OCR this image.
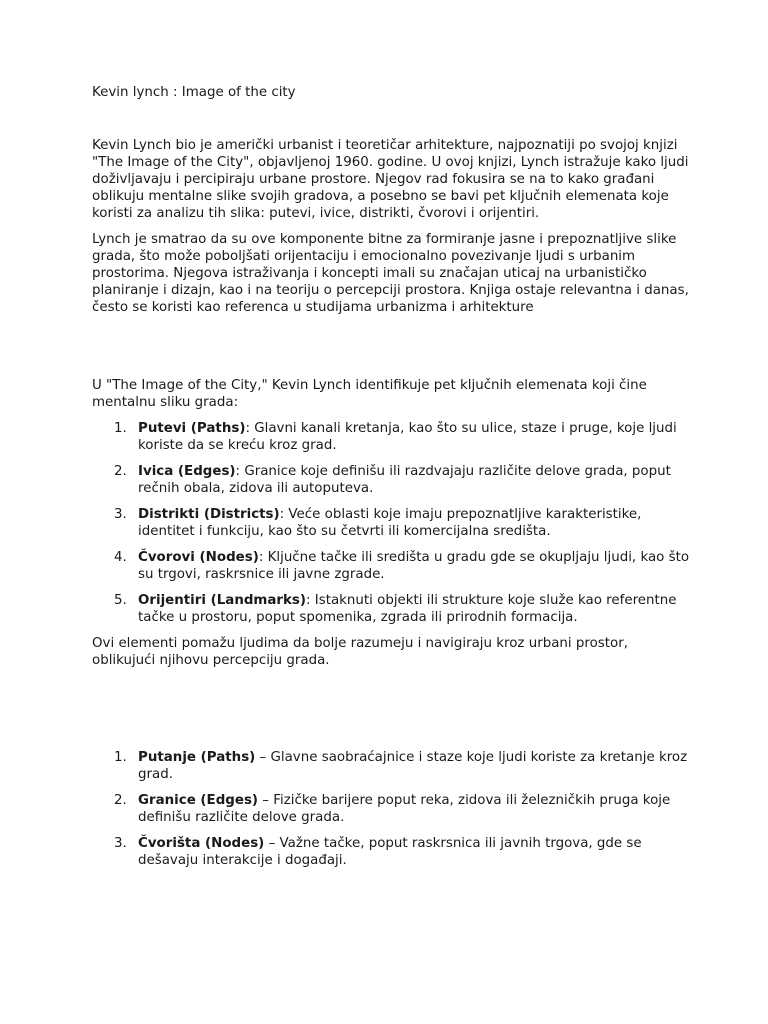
Kevin lynch : Image of the city

Kevin Lynch bio je američki urbanist i teoretičar arhitekture, najpoznatiji po svojoj knjizi "The Image of the City", objavljenoj 1960. godine. U ovoj knjizi, Lynch istražuje kako ljudi doživljavaju i percipiraju urbane prostore. Njegov rad fokusira se na to kako građani oblikuju mentalne slike svojih gradova, a posebno se bavi pet ključnih elemenata koje koristi za analizu tih slika: putevi, ivice, distrikti, čvorovi i orijentiri.

Lynch je smatrao da su ove komponente bitne za formiranje jasne i prepoznatljive slike grada, što može poboljšati orijentaciju i emocionalno povezivanje ljudi s urbanim prostorima. Njegova istraživanja i koncepti imali su značajan uticaj na urbanističko planiranje i dizajn, kao i na teoriju o percepciji prostora. Knjiga ostaje relevantna i danas, često se koristi kao referenca u studijama urbanizma i arhitekture

U "The Image of the City," Kevin Lynch identifikuje pet ključnih elemenata koji čine mentalnu sliku grada:

1. Putevi (Paths): Glavni kanali kretanja, kao što su ulice, staze i pruge, koje ljudi koriste da se kreću kroz grad.
2. Ivica (Edges): Granice koje definišu ili razdvajaju različite delove grada, poput rečnih obala, zidova ili autoputeva.
3. Distrikti (Districts): Veće oblasti koje imaju prepoznatljive karakteristike, identitet i funkciju, kao što su četvrti ili komercijalna središta.
4. Čvorovi (Nodes): Ključne tačke ili središta u gradu gde se okupljaju ljudi, kao što su trgovi, raskrsnice ili javne zgrade.
5. Orijentiri (Landmarks): Istaknuti objekti ili strukture koje služe kao referentne tačke u prostoru, poput spomenika, zgrada ili prirodnih formacija.

Ovi elementi pomažu ljudima da bolje razumeju i navigiraju kroz urbani prostor, oblikujući njihovu percepciju grada.

1. Putanje (Paths) – Glavne saobraćajnice i staze koje ljudi koriste za kretanje kroz grad.
2. Granice (Edges) – Fizičke barijere poput reka, zidova ili železničkih pruga koje definišu različite delove grada.
3. Čvorišta (Nodes) – Važne tačke, poput raskrsnica ili javnih trgova, gde se dešavaju interakcije i događaji.
